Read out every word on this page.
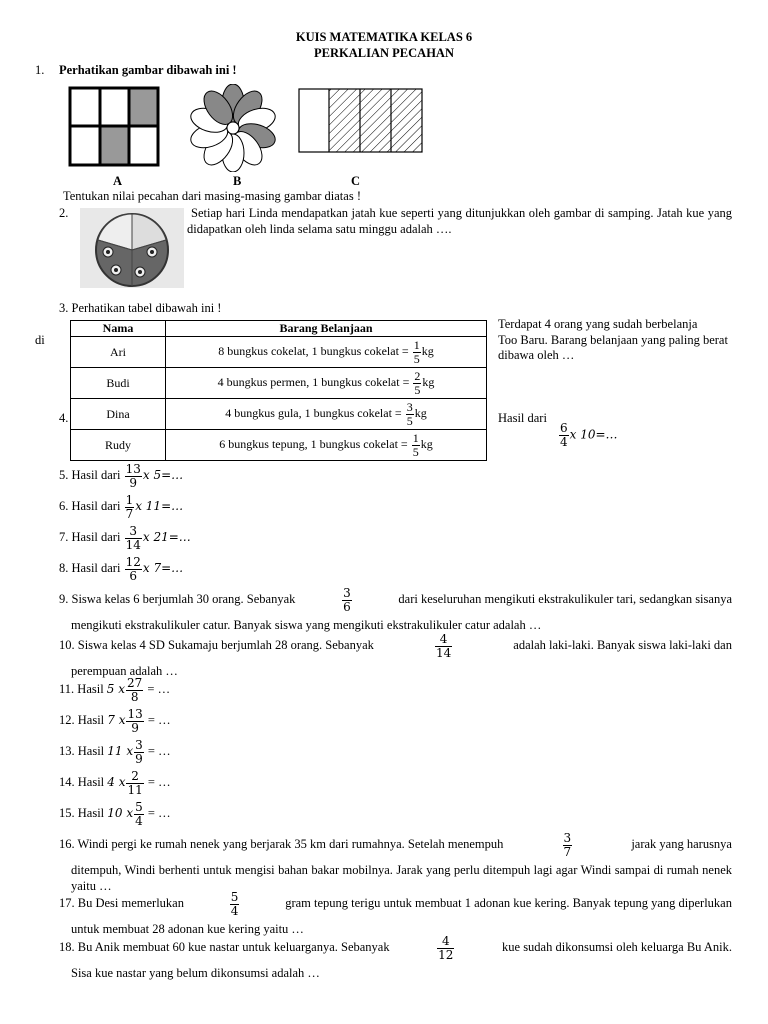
KUIS MATEMATIKA KELAS 6
PERKALIAN PECAHAN
1. Perhatikan gambar dibawah ini !
A	B	C
Tentukan nilai pecahan dari masing-masing gambar diatas !
2.	Setiap hari Linda mendapatkan jatah kue seperti yang ditunjukkan oleh gambar di samping. Jatah kue yang didapatkan oleh linda selama satu minggu adalah ….
3. Perhatikan tabel dibawah ini !
di
Terdapat 4 orang yang sudah berbelanja
Too Baru. Barang belanjaan yang paling berat dibawa oleh …
Nama	Barang Belanjaan
Ari	8 bungkus cokelat, 1 bungkus cokelat = $\frac{1}{5}$ kg
Budi	4 bungkus permen, 1 bungkus cokelat = $\frac{2}{5}$ kg
Dina	4 bungkus gula, 1 bungkus cokelat = $\frac{3}{5}$ kg
Rudy	6 bungkus tepung, 1 bungkus cokelat = $\frac{1}{5}$ kg
4.	Hasil dari
$\frac{6}{4}$ x 10=…
5. Hasil dari $\frac{13}{9}$ x 5=…
6. Hasil dari $\frac{1}{7}$ x 11=…
7. Hasil dari $\frac{3}{14}$ x 21=…
8. Hasil dari $\frac{12}{6}$ x 7=…
9. Siswa kelas 6 berjumlah 30 orang. Sebanyak	$\frac{3}{6}$	dari keseluruhan mengikuti ekstrakulikuler tari, sedangkan sisanya
mengikuti ekstrakulikuler catur. Banyak siswa yang mengikuti ekstrakulikuler catur adalah …
10. Siswa kelas 4 SD Sukamaju berjumlah 28 orang. Sebanyak	$\frac{4}{14}$	adalah laki-laki. Banyak siswa laki-laki dan
perempuan adalah …
11. Hasil 5 x $\frac{27}{8}$ = …
12. Hasil 7 x $\frac{13}{9}$ = …
13. Hasil 11 x $\frac{3}{9}$ = …
14. Hasil 4 x $\frac{2}{11}$ = …
15. Hasil 10 x $\frac{5}{4}$ = …
16. Windi pergi ke rumah nenek yang berjarak 35 km dari rumahnya. Setelah menempuh	$\frac{3}{7}$	jarak yang harusnya
ditempuh, Windi berhenti untuk mengisi bahan bakar mobilnya. Jarak yang perlu ditempuh lagi agar Windi sampai di rumah nenek yaitu …
17. Bu Desi memerlukan	$\frac{5}{4}$	gram tepung terigu untuk membuat 1 adonan kue kering. Banyak tepung yang diperlukan
untuk membuat 28 adonan kue kering yaitu …
18. Bu Anik membuat 60 kue nastar untuk keluarganya. Sebanyak	$\frac{4}{12}$	kue sudah dikonsumsi oleh keluarga Bu Anik.
Sisa kue nastar yang belum dikonsumsi adalah …
